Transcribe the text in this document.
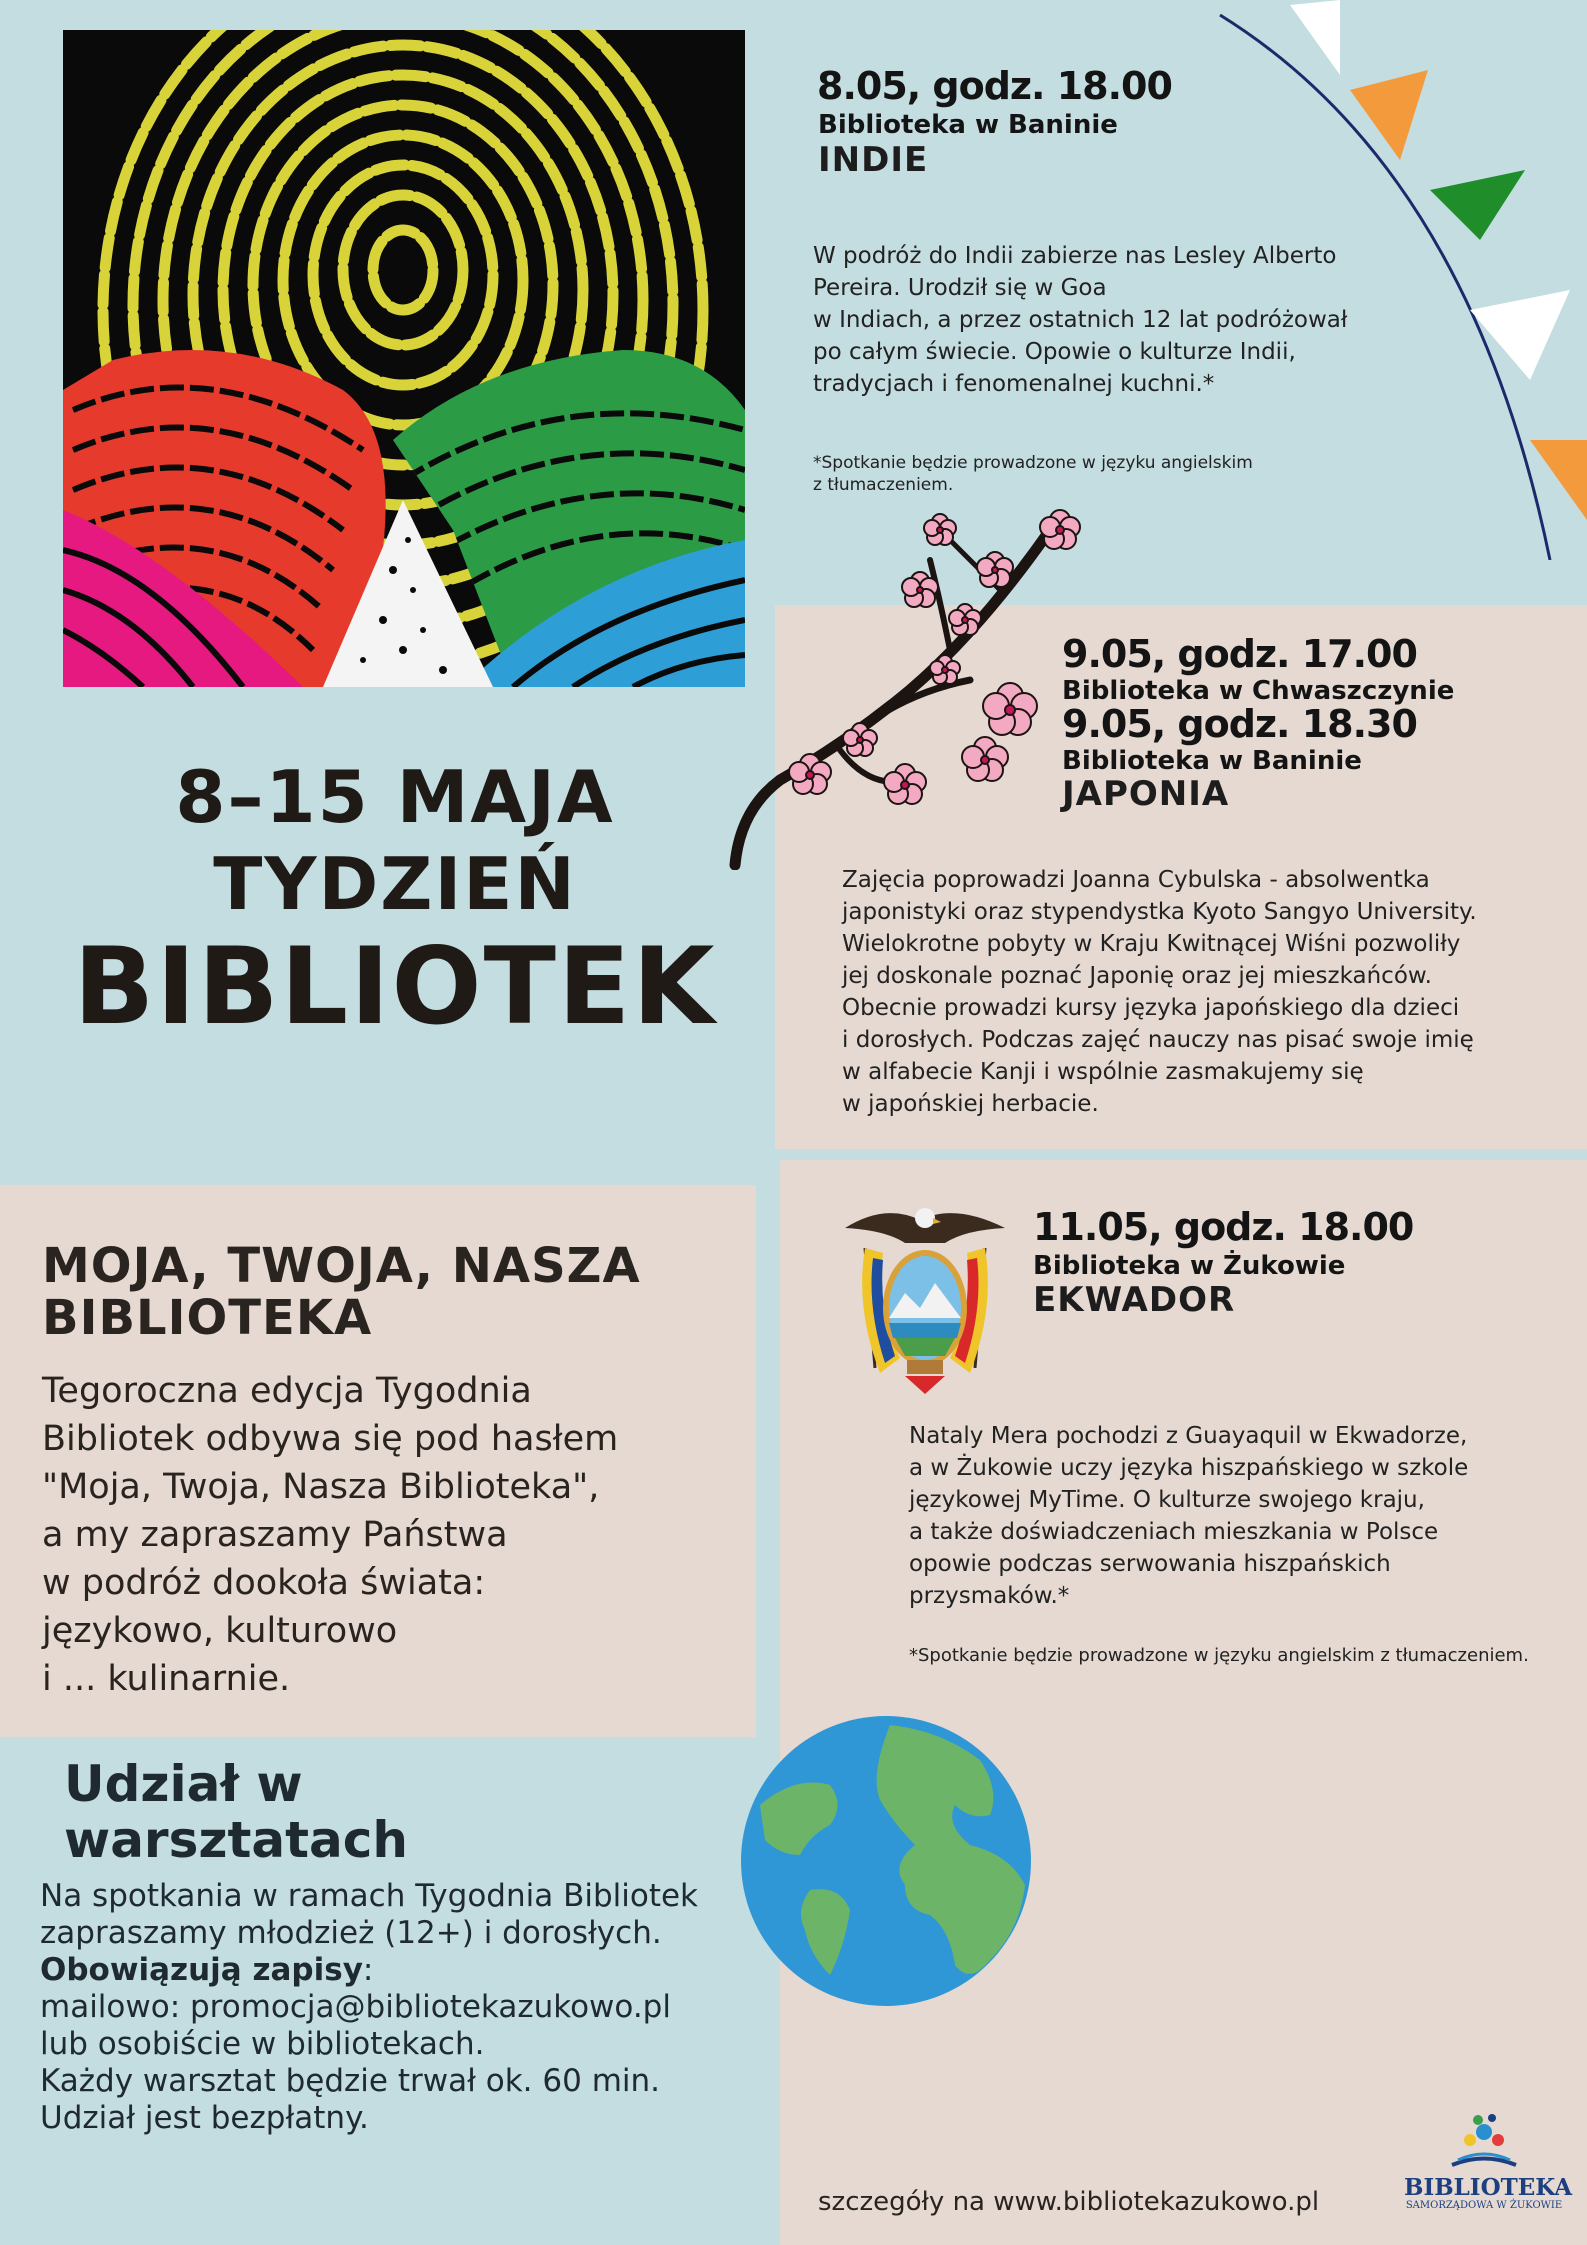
8.05, godz. 18.00
Biblioteka w Baninie
INDIE
W podróż do Indii zabierze nas Lesley Alberto
Pereira. Urodził się w Goa
w Indiach, a przez ostatnich 12 lat podróżował
po całym świecie. Opowie o kulturze Indii,
tradycjach i fenomenalnej kuchni.*
*Spotkanie będzie prowadzone w języku angielskim
z tłumaczeniem.
9.05, godz. 17.00
Biblioteka w Chwaszczynie
9.05, godz. 18.30
Biblioteka w Baninie
JAPONIA
Zajęcia poprowadzi Joanna Cybulska - absolwentka
japonistyki oraz stypendystka Kyoto Sangyo University.
Wielokrotne pobyty w Kraju Kwitnącej Wiśni pozwoliły
jej doskonale poznać Japonię oraz jej mieszkańców.
Obecnie prowadzi kursy języka japońskiego dla dzieci
i dorosłych. Podczas zajęć nauczy nas pisać swoje imię
w alfabecie Kanji i wspólnie zasmakujemy się
w japońskiej herbacie.
11.05, godz. 18.00
Biblioteka w Żukowie
EKWADOR
Nataly Mera pochodzi z Guayaquil w Ekwadorze,
a w Żukowie uczy języka hiszpańskiego w szkole
językowej MyTime. O kulturze swojego kraju,
a także doświadczeniach mieszkania w Polsce
opowie podczas serwowania hiszpańskich
przysmaków.*
*Spotkanie będzie prowadzone w języku angielskim z tłumaczeniem.
8–15 MAJA
TYDZIEŃ
BIBLIOTEK
MOJA, TWOJA, NASZA
BIBLIOTEKA
Tegoroczna edycja Tygodnia
Bibliotek odbywa się pod hasłem
"Moja, Twoja, Nasza Biblioteka",
a my zapraszamy Państwa
w podróż dookoła świata:
językowo, kulturowo
i ... kulinarnie.
Udział w
warsztatach
Na spotkania w ramach Tygodnia Bibliotek
zapraszamy młodzież (12+) i dorosłych.
Obowiązują zapisy:
mailowo: promocja@bibliotekazukowo.pl
lub osobiście w bibliotekach.
Każdy warsztat będzie trwał ok. 60 min.
Udział jest bezpłatny.
szczegóły na www.bibliotekazukowo.pl	BIBLIOTEKA
SAMORZĄDOWA W ŻUKOWIE
